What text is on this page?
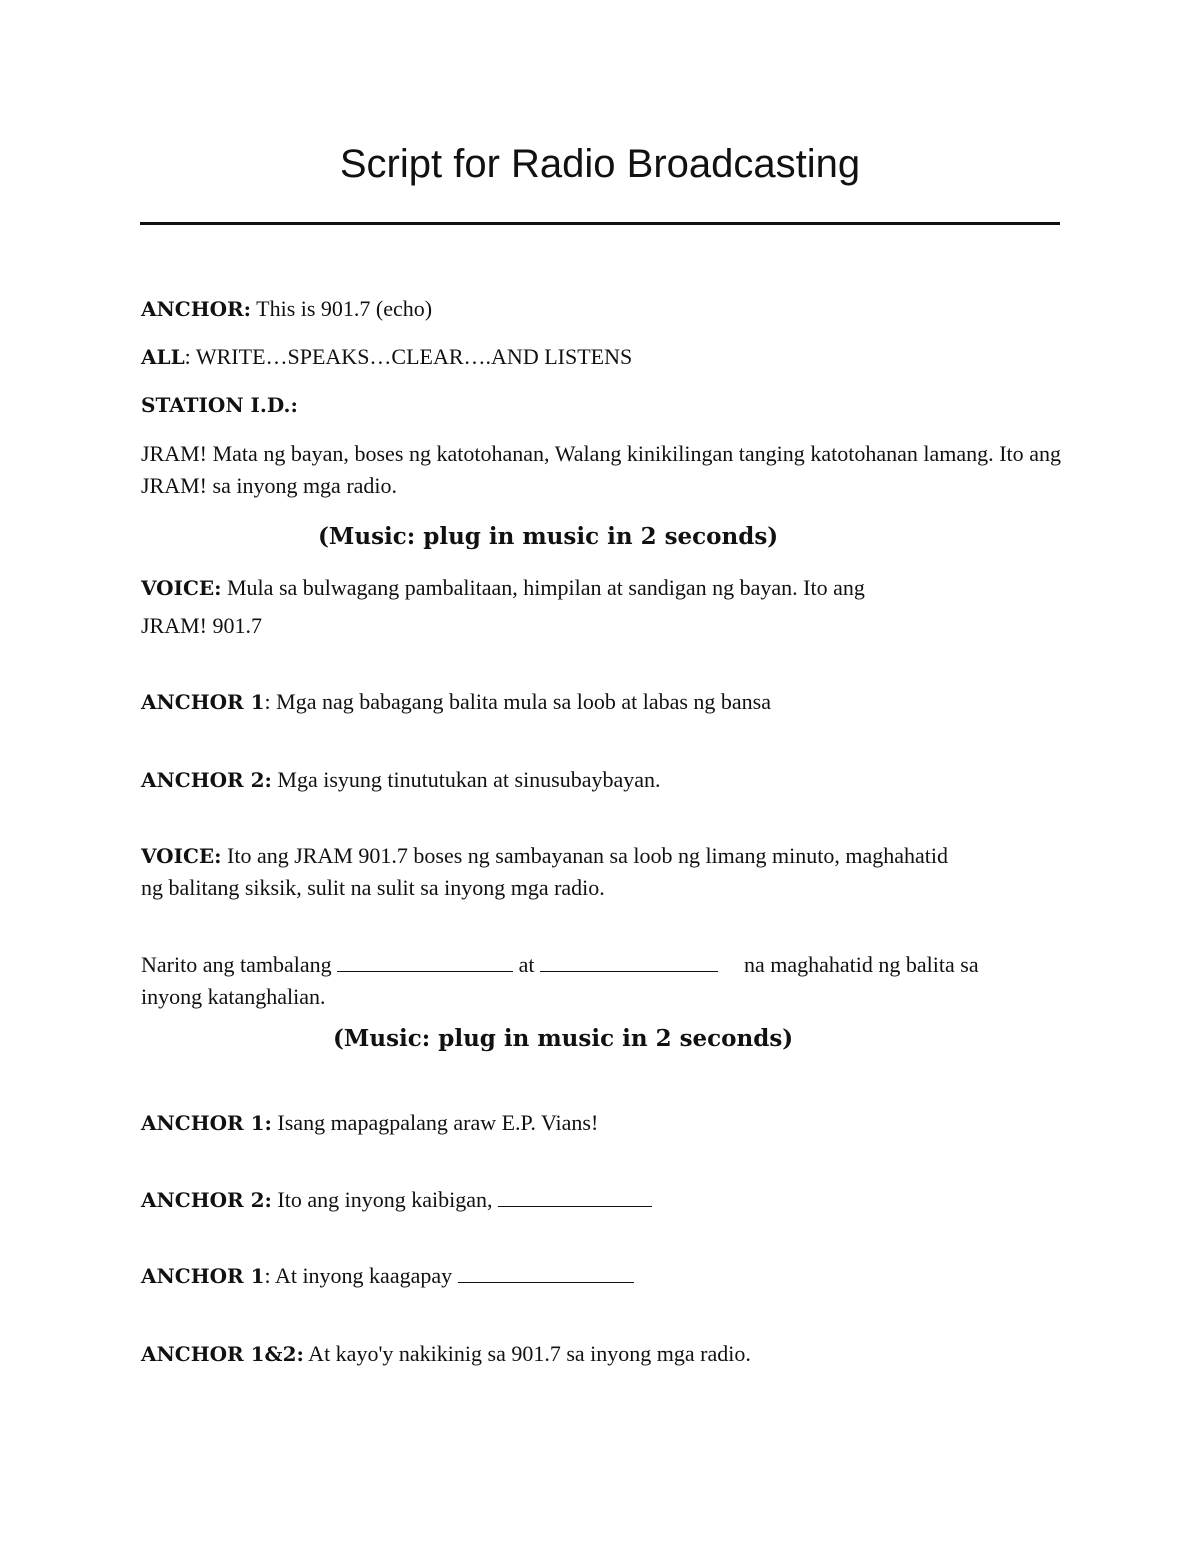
Script for Radio Broadcasting
ANCHOR: This is 901.7 (echo)
ALL: WRITE…SPEAKS…CLEAR….AND LISTENS
STATION I.D.:
JRAM! Mata ng bayan, boses ng katotohanan, Walang kinikilingan tanging katotohanan lamang. Ito ang JRAM! sa inyong mga radio.
(Music: plug in music in 2 seconds)
VOICE: Mula sa bulwagang pambalitaan, himpilan at sandigan ng bayan. Ito ang
JRAM! 901.7
ANCHOR 1: Mga nag babagang balita mula sa loob at labas ng bansa
ANCHOR 2: Mga isyung tinututukan at sinusubaybayan.
VOICE: Ito ang JRAM 901.7 boses ng sambayanan sa loob ng limang minuto, maghahatid
ng balitang siksik, sulit na sulit sa inyong mga radio.
Narito ang tambalang	at	na maghahatid ng balita sa
inyong katanghalian.
(Music: plug in music in 2 seconds)
ANCHOR 1: Isang mapagpalang araw E.P. Vians!
ANCHOR 2: Ito ang inyong kaibigan,
ANCHOR 1: At inyong kaagapay
ANCHOR 1&2: At kayo'y nakikinig sa 901.7 sa inyong mga radio.
